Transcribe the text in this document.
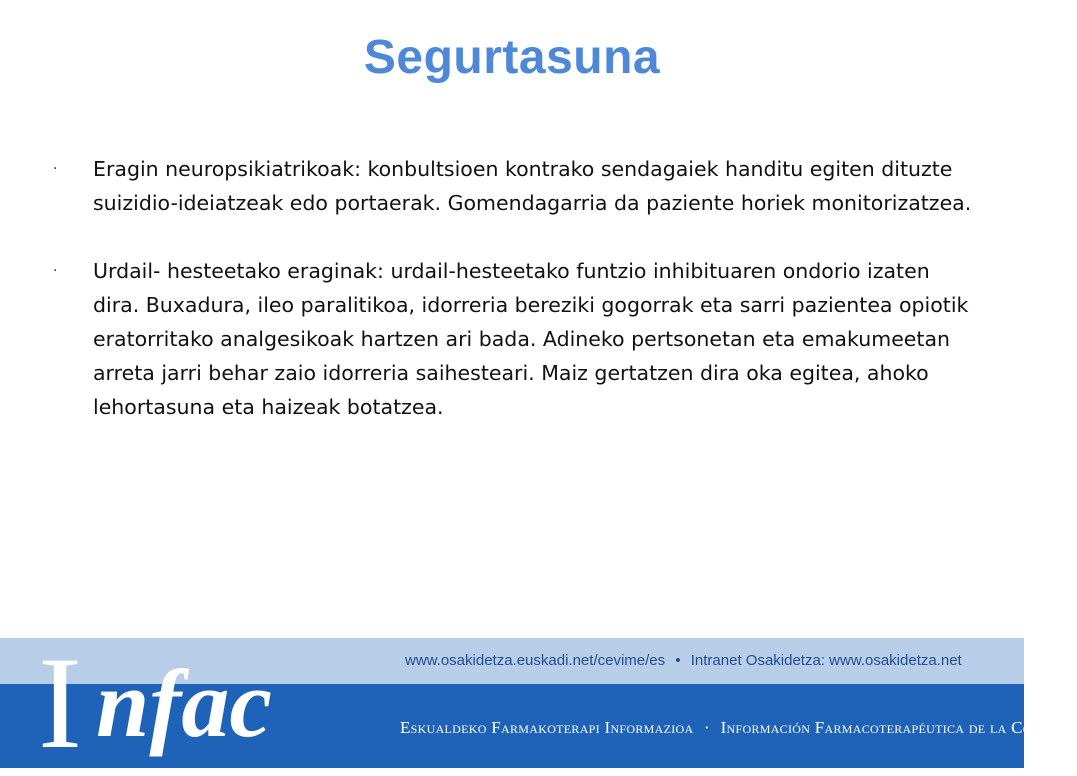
Segurtasuna
· Eragin neuropsikiatrikoak: konbultsioen kontrako sendagaiek handitu egiten dituzte suizidio-ideiatzeak edo portaerak. Gomendagarria da paziente horiek monitorizatzea.
· Urdail- hesteetako eraginak: urdail-hesteetako funtzio inhibituaren ondorio izaten dira. Buxadura, ileo paralitikoa, idorreria bereziki gogorrak eta sarri pazientea opiotik eratorritako analgesikoak hartzen ari bada. Adineko pertsonetan eta emakumeetan arreta jarri behar zaio idorreria saihesteari. Maiz gertatzen dira oka egitea, ahoko lehortasuna eta haizeak botatzea.
www.osakidetza.euskadi.net/cevime/es • Intranet Osakidetza: www.osakidetza.net
I nfac	Eskualdeko Farmakoterapi Informazioa · Información Farmacoterapéutica de la Comarca
